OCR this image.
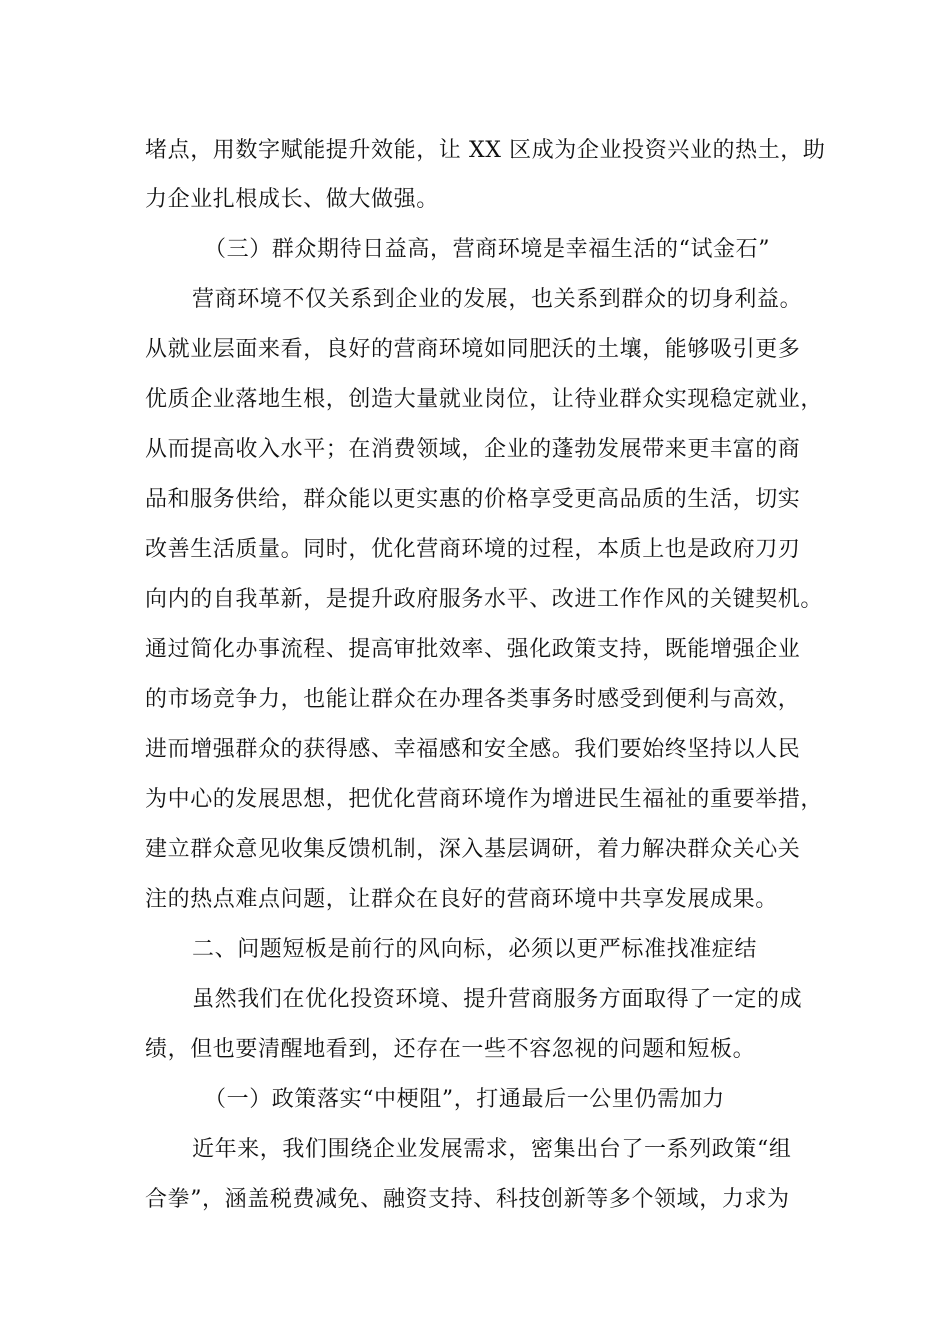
堵点，用数字赋能提升效能，让 XX 区成为企业投资兴业的热土，助
力企业扎根成长、做大做强。
（三）群众期待日益高，营商环境是幸福生活的“试金石”
营商环境不仅关系到企业的发展，也关系到群众的切身利益。
从就业层面来看，良好的营商环境如同肥沃的土壤，能够吸引更多
优质企业落地生根，创造大量就业岗位，让待业群众实现稳定就业，
从而提高收入水平；在消费领域，企业的蓬勃发展带来更丰富的商
品和服务供给，群众能以更实惠的价格享受更高品质的生活，切实
改善生活质量。同时，优化营商环境的过程，本质上也是政府刀刃
向内的自我革新，是提升政府服务水平、改进工作作风的关键契机。
通过简化办事流程、提高审批效率、强化政策支持，既能增强企业
的市场竞争力，也能让群众在办理各类事务时感受到便利与高效，
进而增强群众的获得感、幸福感和安全感。我们要始终坚持以人民
为中心的发展思想，把优化营商环境作为增进民生福祉的重要举措，
建立群众意见收集反馈机制，深入基层调研，着力解决群众关心关
注的热点难点问题，让群众在良好的营商环境中共享发展成果。
二、问题短板是前行的风向标，必须以更严标准找准症结
虽然我们在优化投资环境、提升营商服务方面取得了一定的成
绩，但也要清醒地看到，还存在一些不容忽视的问题和短板。
（一）政策落实“中梗阻”，打通最后一公里仍需加力
近年来，我们围绕企业发展需求，密集出台了一系列政策“组
合拳”，涵盖税费减免、融资支持、科技创新等多个领域，力求为
